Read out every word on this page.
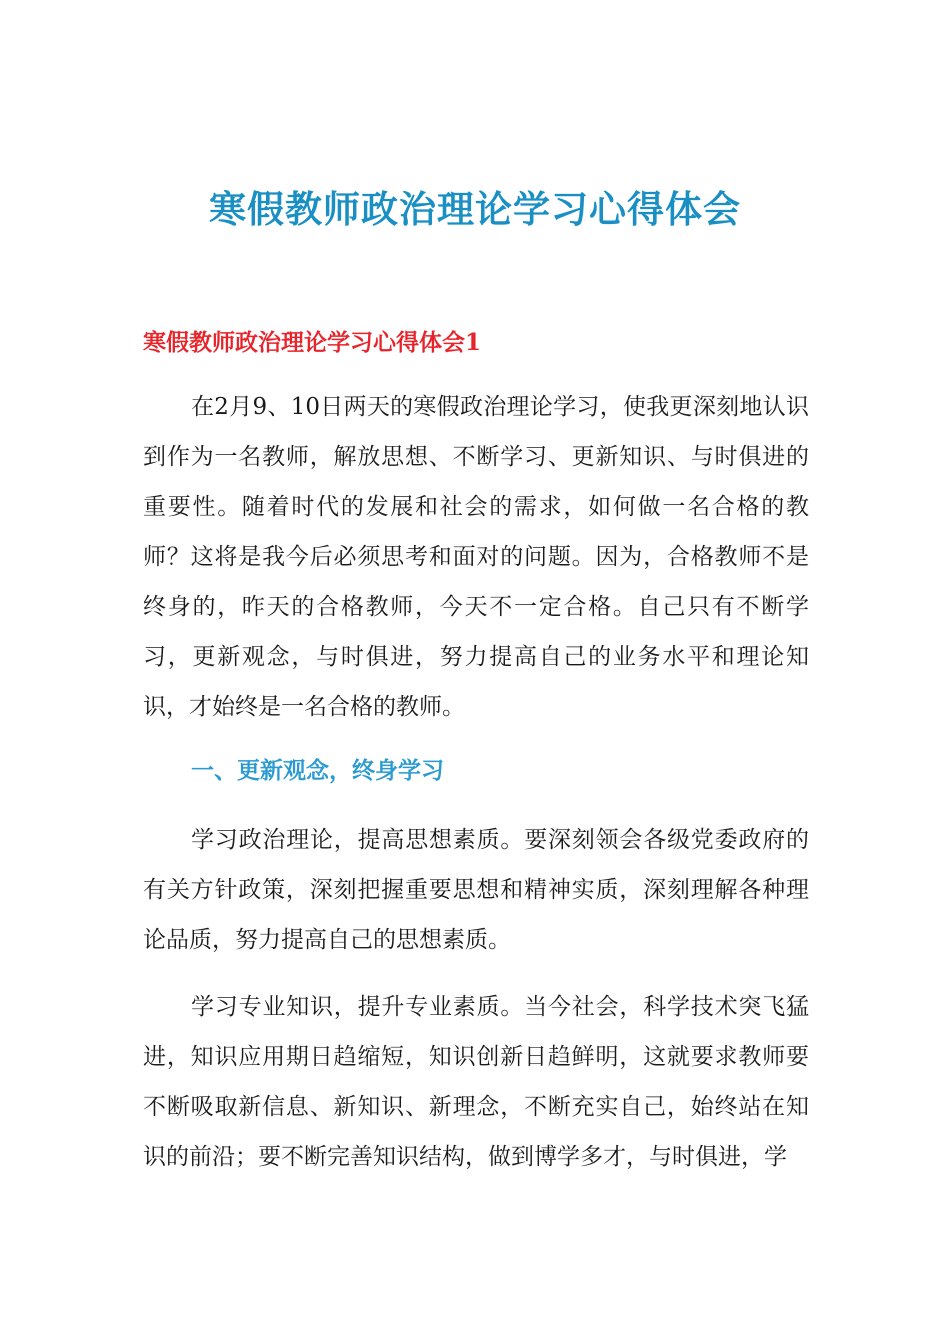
寒假教师政治理论学习心得体会
寒假教师政治理论学习心得体会1

在2月9、10日两天的寒假政治理论学习，使我更深刻地认识到作为一名教师，解放思想、不断学习、更新知识、与时俱进的重要性。随着时代的发展和社会的需求，如何做一名合格的教师？这将是我今后必须思考和面对的问题。因为，合格教师不是终身的，昨天的合格教师，今天不一定合格。自己只有不断学习，更新观念，与时俱进，努力提高自己的业务水平和理论知识，才始终是一名合格的教师。

一、更新观念，终身学习

学习政治理论，提高思想素质。要深刻领会各级党委政府的有关方针政策，深刻把握重要思想和精神实质，深刻理解各种理论品质，努力提高自己的思想素质。

学习专业知识，提升专业素质。当今社会，科学技术突飞猛进，知识应用期日趋缩短，知识创新日趋鲜明，这就要求教师要不断吸取新信息、新知识、新理念，不断充实自己，始终站在知识的前沿；要不断完善知识结构，做到博学多才，与时俱进，学
